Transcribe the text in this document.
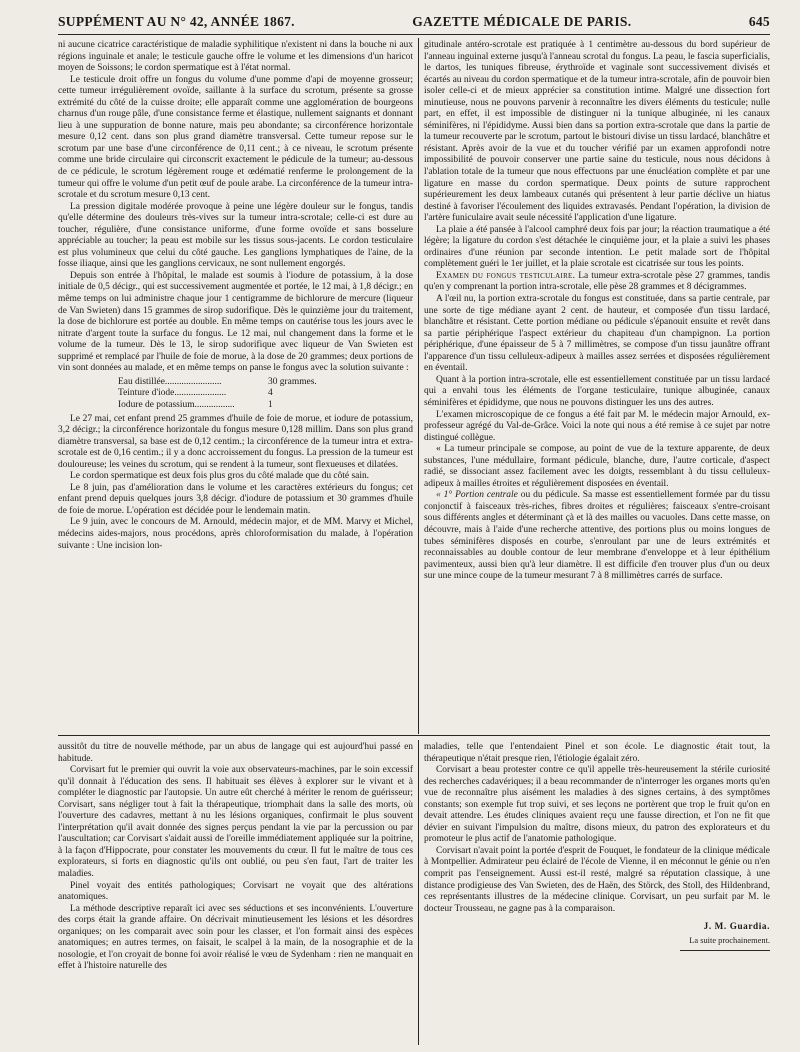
SUPPÉMENT AU N° 42, ANNÉE 1867.	GAZETTE MÉDICALE DE PARIS.	645

ni aucune cicatrice caractéristique de maladie syphilitique n'existent ni dans la bouche ni aux régions inguinale et anale; le testicule gauche offre le volume et les dimensions d'un haricot moyen de Soissons; le cordon spermatique est à l'état normal.

Le testicule droit offre un fongus du volume d'une pomme d'api de moyenne grosseur; cette tumeur irrégulièrement ovoïde, saillante à la surface du scrotum, présente sa grosse extrémité du côté de la cuisse droite; elle apparaît comme une agglomération de bourgeons charnus d'un rouge pâle, d'une consistance ferme et élastique, nullement saignants et donnant lieu à une suppuration de bonne nature, mais peu abondante; sa circonférence horizontale mesure 0,12 cent. dans son plus grand diamètre transversal. Cette tumeur repose sur le scrotum par une base d'une circonférence de 0,11 cent.; à ce niveau, le scrotum présente comme une bride circulaire qui circonscrit exactement le pédicule de la tumeur; au-dessous de ce pédicule, le scrotum légèrement rouge et œdématié renferme le prolongement de la tumeur qui offre le volume d'un petit œuf de poule arabe. La circonférence de la tumeur intra-scrotale et du scrotum mesure 0,13 cent.

La pression digitale modérée provoque à peine une légère douleur sur le fongus, tandis qu'elle détermine des douleurs très-vives sur la tumeur intra-scrotale; celle-ci est dure au toucher, régulière, d'une consistance uniforme, d'une forme ovoïde et sans bosselure appréciable au toucher; la peau est mobile sur les tissus sous-jacents. Le cordon testiculaire est plus volumineux que celui du côté gauche. Les ganglions lymphatiques de l'aine, de la fosse iliaque, ainsi que les ganglions cervicaux, ne sont nullement engorgés.

Depuis son entrée à l'hôpital, le malade est soumis à l'iodure de potassium, à la dose initiale de 0,5 décigr., qui est successivement augmentée et portée, le 12 mai, à 1,8 décigr.; en même temps on lui administre chaque jour 1 centigramme de bichlorure de mercure (liqueur de Van Swieten) dans 15 grammes de sirop sudorifique. Dès le quinzième jour du traitement, la dose de bichlorure est portée au double. En même temps on cautérise tous les jours avec le nitrate d'argent toute la surface du fongus. Le 12 mai, nul changement dans la forme et le volume de la tumeur. Dès le 13, le sirop sudorifique avec liqueur de Van Swieten est supprimé et remplacé par l'huile de foie de morue, à la dose de 20 grammes; deux portions de vin sont données au malade, et en même temps on panse le fongus avec la solution suivante :

Eau distillée........................	30 grammes.
Teinture d'iode......................	4
Iodure de potassium.................	1

Le 27 mai, cet enfant prend 25 grammes d'huile de foie de morue, et iodure de potassium, 3,2 décigr.; la circonférence horizontale du fongus mesure 0,128 millim. Dans son plus grand diamètre transversal, sa base est de 0,12 centim.; la circonférence de la tumeur intra et extra-scrotale est de 0,16 centim.; il y a donc accroissement du fongus. La pression de la tumeur est douloureuse; les veines du scrotum, qui se rendent à la tumeur, sont flexueuses et dilatées.

Le cordon spermatique est deux fois plus gros du côté malade que du côté sain.

Le 8 juin, pas d'amélioration dans le volume et les caractères extérieurs du fongus; cet enfant prend depuis quelques jours 3,8 décigr. d'iodure de potassium et 30 grammes d'huile de foie de morue. L'opération est décidée pour le lendemain matin.

Le 9 juin, avec le concours de M. Arnould, médecin major, et de MM. Marvy et Michel, médecins aides-majors, nous procédons, après chloroformisation du malade, à l'opération suivante : Une incision lon-

gitudinale antéro-scrotale est pratiquée à 1 centimètre au-dessous du bord supérieur de l'anneau inguinal externe jusqu'à l'anneau scrotal du fongus. La peau, le fascia superficialis, le dartos, les tuniques fibreuse, érythroïde et vaginale sont successivement divisés et écartés au niveau du cordon spermatique et de la tumeur intra-scrotale, afin de pouvoir bien isoler celle-ci et de mieux apprécier sa constitution intime. Malgré une dissection fort minutieuse, nous ne pouvons parvenir à reconnaître les divers éléments du testicule; nulle part, en effet, il est impossible de distinguer ni la tunique albuginée, ni les canaux séminifères, ni l'épididyme. Aussi bien dans sa portion extra-scrotale que dans la partie de la tumeur recouverte par le scrotum, partout le bistouri divise un tissu lardacé, blanchâtre et résistant. Après avoir de la vue et du toucher vérifié par un examen approfondi notre impossibilité de pouvoir conserver une partie saine du testicule, nous nous décidons à l'ablation totale de la tumeur que nous effectuons par une énucléation complète et par une ligature en masse du cordon spermatique. Deux points de suture rapprochent supérieurement les deux lambeaux cutanés qui présentent à leur partie déclive un hiatus destiné à favoriser l'écoulement des liquides extravasés. Pendant l'opération, la division de l'artère funiculaire avait seule nécessité l'application d'une ligature.

La plaie a été pansée à l'alcool camphré deux fois par jour; la réaction traumatique a été légère; la ligature du cordon s'est détachée le cinquième jour, et la plaie a suivi les phases ordinaires d'une réunion par seconde intention. Le petit malade sort de l'hôpital complètement guéri le 1er juillet, et la plaie scrotale est cicatrisée sur tous les points.

Examen du fongus testiculaire. La tumeur extra-scrotale pèse 27 grammes, tandis qu'en y comprenant la portion intra-scrotale, elle pèse 28 grammes et 8 décigrammes.

A l'œil nu, la portion extra-scrotale du fongus est constituée, dans sa partie centrale, par une sorte de tige médiane ayant 2 cent. de hauteur, et composée d'un tissu lardacé, blanchâtre et résistant. Cette portion médiane ou pédicule s'épanouit ensuite et revêt dans sa partie périphérique l'aspect extérieur du chapiteau d'un champignon. La portion périphérique, d'une épaisseur de 5 à 7 millimètres, se compose d'un tissu jaunâtre offrant l'apparence d'un tissu celluleux-adipeux à mailles assez serrées et disposées régulièrement en éventail.

Quant à la portion intra-scrotale, elle est essentiellement constituée par un tissu lardacé qui a envahi tous les éléments de l'organe testiculaire, tunique albuginée, canaux séminifères et épididyme, que nous ne pouvons distinguer les uns des autres.

L'examen microscopique de ce fongus a été fait par M. le médecin major Arnould, ex-professeur agrégé du Val-de-Grâce. Voici la note qui nous a été remise à ce sujet par notre distingué collègue.

« La tumeur principale se compose, au point de vue de la texture apparente, de deux substances, l'une médullaire, formant pédicule, blanche, dure, l'autre corticale, d'aspect radié, se dissociant assez facilement avec les doigts, ressemblant à du tissu celluleux-adipeux à mailles étroites et régulièrement disposées en éventail.

« 1° Portion centrale ou du pédicule. Sa masse est essentiellement formée par du tissu conjonctif à faisceaux très-riches, fibres droites et régulières; faisceaux s'entre-croisant sous différents angles et déterminant çà et là des mailles ou vacuoles. Dans cette masse, on découvre, mais à l'aide d'une recherche attentive, des portions plus ou moins longues de tubes séminifères disposés en courbe, s'enroulant par une de leurs extrémités et reconnaissables au double contour de leur membrane d'enveloppe et à leur épithélium pavimenteux, aussi bien qu'à leur diamètre. Il est difficile d'en trouver plus d'un ou deux sur une mince coupe de la tumeur mesurant 7 à 8 millimètres carrés de surface.

aussitôt du titre de nouvelle méthode, par un abus de langage qui est aujourd'hui passé en habitude.

Corvisart fut le premier qui ouvrit la voie aux observateurs-machines, par le soin excessif qu'il donnait à l'éducation des sens. Il habituait ses élèves à explorer sur le vivant et à compléter le diagnostic par l'autopsie. Un autre eût cherché à mériter le renom de guérisseur; Corvisart, sans négliger tout à fait la thérapeutique, triomphait dans la salle des morts, où l'ouverture des cadavres, mettant à nu les lésions organiques, confirmait le plus souvent l'interprétation qu'il avait donnée des signes perçus pendant la vie par la percussion ou par l'auscultation; car Corvisart s'aidait aussi de l'oreille immédiatement appliquée sur la poitrine, à la façon d'Hippocrate, pour constater les mouvements du cœur. Il fut le maître de tous ces explorateurs, si forts en diagnostic qu'ils ont oublié, ou peu s'en faut, l'art de traiter les maladies.

Pinel voyait des entités pathologiques; Corvisart ne voyait que des altérations anatomiques.

La méthode descriptive reparaît ici avec ses séductions et ses inconvénients. L'ouverture des corps était la grande affaire. On décrivait minutieusement les lésions et les désordres organiques; on les comparait avec soin pour les classer, et l'on formait ainsi des espèces anatomiques; en autres termes, on faisait, le scalpel à la main, de la nosographie et de la nosologie, et l'on croyait de bonne foi avoir réalisé le vœu de Sydenham : rien ne manquait en effet à l'histoire naturelle des

maladies, telle que l'entendaient Pinel et son école. Le diagnostic était tout, la thérapeutique n'était presque rien, l'étiologie égalait zéro.

Corvisart a beau protester contre ce qu'il appelle très-heureusement la stérile curiosité des recherches cadavériques; il a beau recommander de n'interroger les organes morts qu'en vue de reconnaître plus aisément les maladies à des signes certains, à des symptômes constants; son exemple fut trop suivi, et ses leçons ne portèrent que trop le fruit qu'on en devait attendre. Les études cliniques avaient reçu une fausse direction, et l'on ne fit que dévier en suivant l'impulsion du maître, disons mieux, du patron des explorateurs et du promoteur le plus actif de l'anatomie pathologique.

Corvisart n'avait point la portée d'esprit de Fouquet, le fondateur de la clinique médicale à Montpellier. Admirateur peu éclairé de l'école de Vienne, il en méconnut le génie ou n'en comprit pas l'enseignement. Aussi est-il resté, malgré sa réputation classique, à une distance prodigieuse des Van Swieten, des de Haën, des Störck, des Stoll, des Hildenbrand, ces représentants illustres de la médecine clinique. Corvisart, un peu surfait par M. le docteur Trousseau, ne gagne pas à la comparaison.

J. M. Guardia.
La suite prochainement.
